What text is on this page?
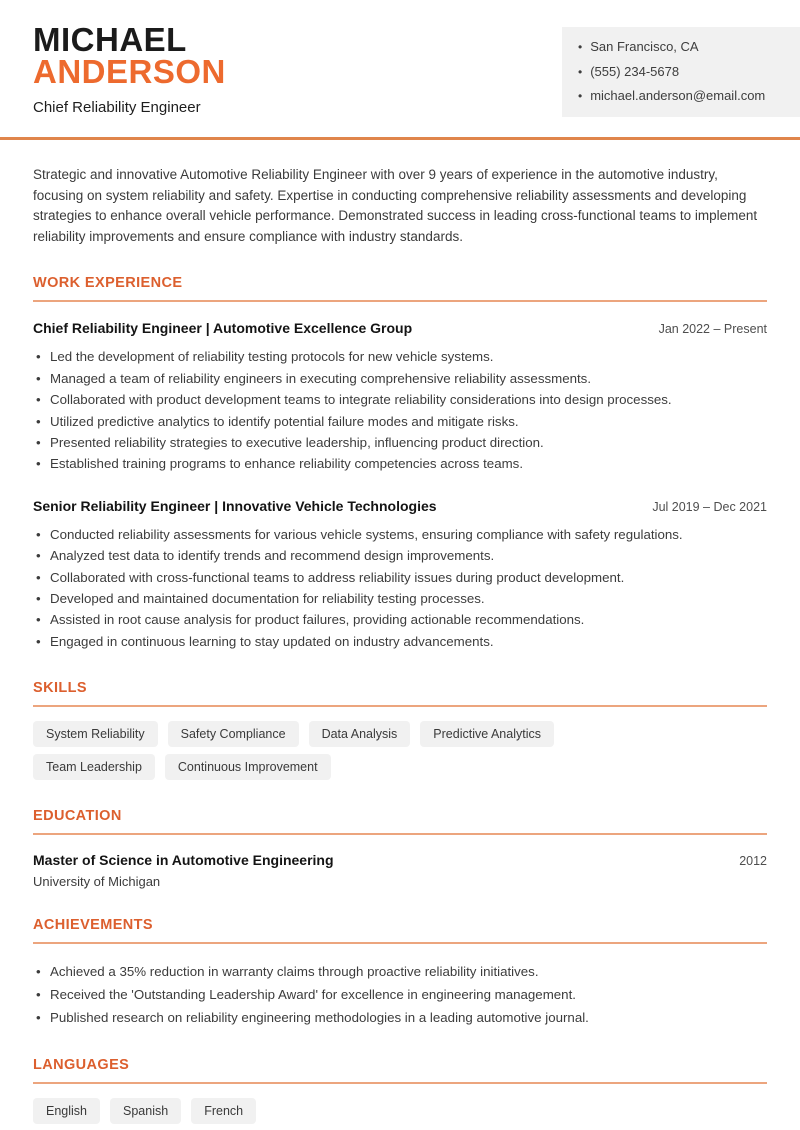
MICHAEL
ANDERSON
Chief Reliability Engineer
• San Francisco, CA
• (555) 234-5678
• michael.anderson@email.com

Strategic and innovative Automotive Reliability Engineer with over 9 years of experience in the automotive industry, focusing on system reliability and safety. Expertise in conducting comprehensive reliability assessments and developing strategies to enhance overall vehicle performance. Demonstrated success in leading cross-functional teams to implement reliability improvements and ensure compliance with industry standards.

WORK EXPERIENCE
Chief Reliability Engineer | Automotive Excellence Group	Jan 2022 – Present
• Led the development of reliability testing protocols for new vehicle systems.
• Managed a team of reliability engineers in executing comprehensive reliability assessments.
• Collaborated with product development teams to integrate reliability considerations into design processes.
• Utilized predictive analytics to identify potential failure modes and mitigate risks.
• Presented reliability strategies to executive leadership, influencing product direction.
• Established training programs to enhance reliability competencies across teams.
Senior Reliability Engineer | Innovative Vehicle Technologies	Jul 2019 – Dec 2021
• Conducted reliability assessments for various vehicle systems, ensuring compliance with safety regulations.
• Analyzed test data to identify trends and recommend design improvements.
• Collaborated with cross-functional teams to address reliability issues during product development.
• Developed and maintained documentation for reliability testing processes.
• Assisted in root cause analysis for product failures, providing actionable recommendations.
• Engaged in continuous learning to stay updated on industry advancements.
SKILLS
System Reliability	Safety Compliance	Data Analysis	Predictive Analytics
Team Leadership	Continuous Improvement
EDUCATION
Master of Science in Automotive Engineering	2012
University of Michigan
ACHIEVEMENTS
• Achieved a 35% reduction in warranty claims through proactive reliability initiatives.
• Received the 'Outstanding Leadership Award' for excellence in engineering management.
• Published research on reliability engineering methodologies in a leading automotive journal.
LANGUAGES
English	Spanish	French
